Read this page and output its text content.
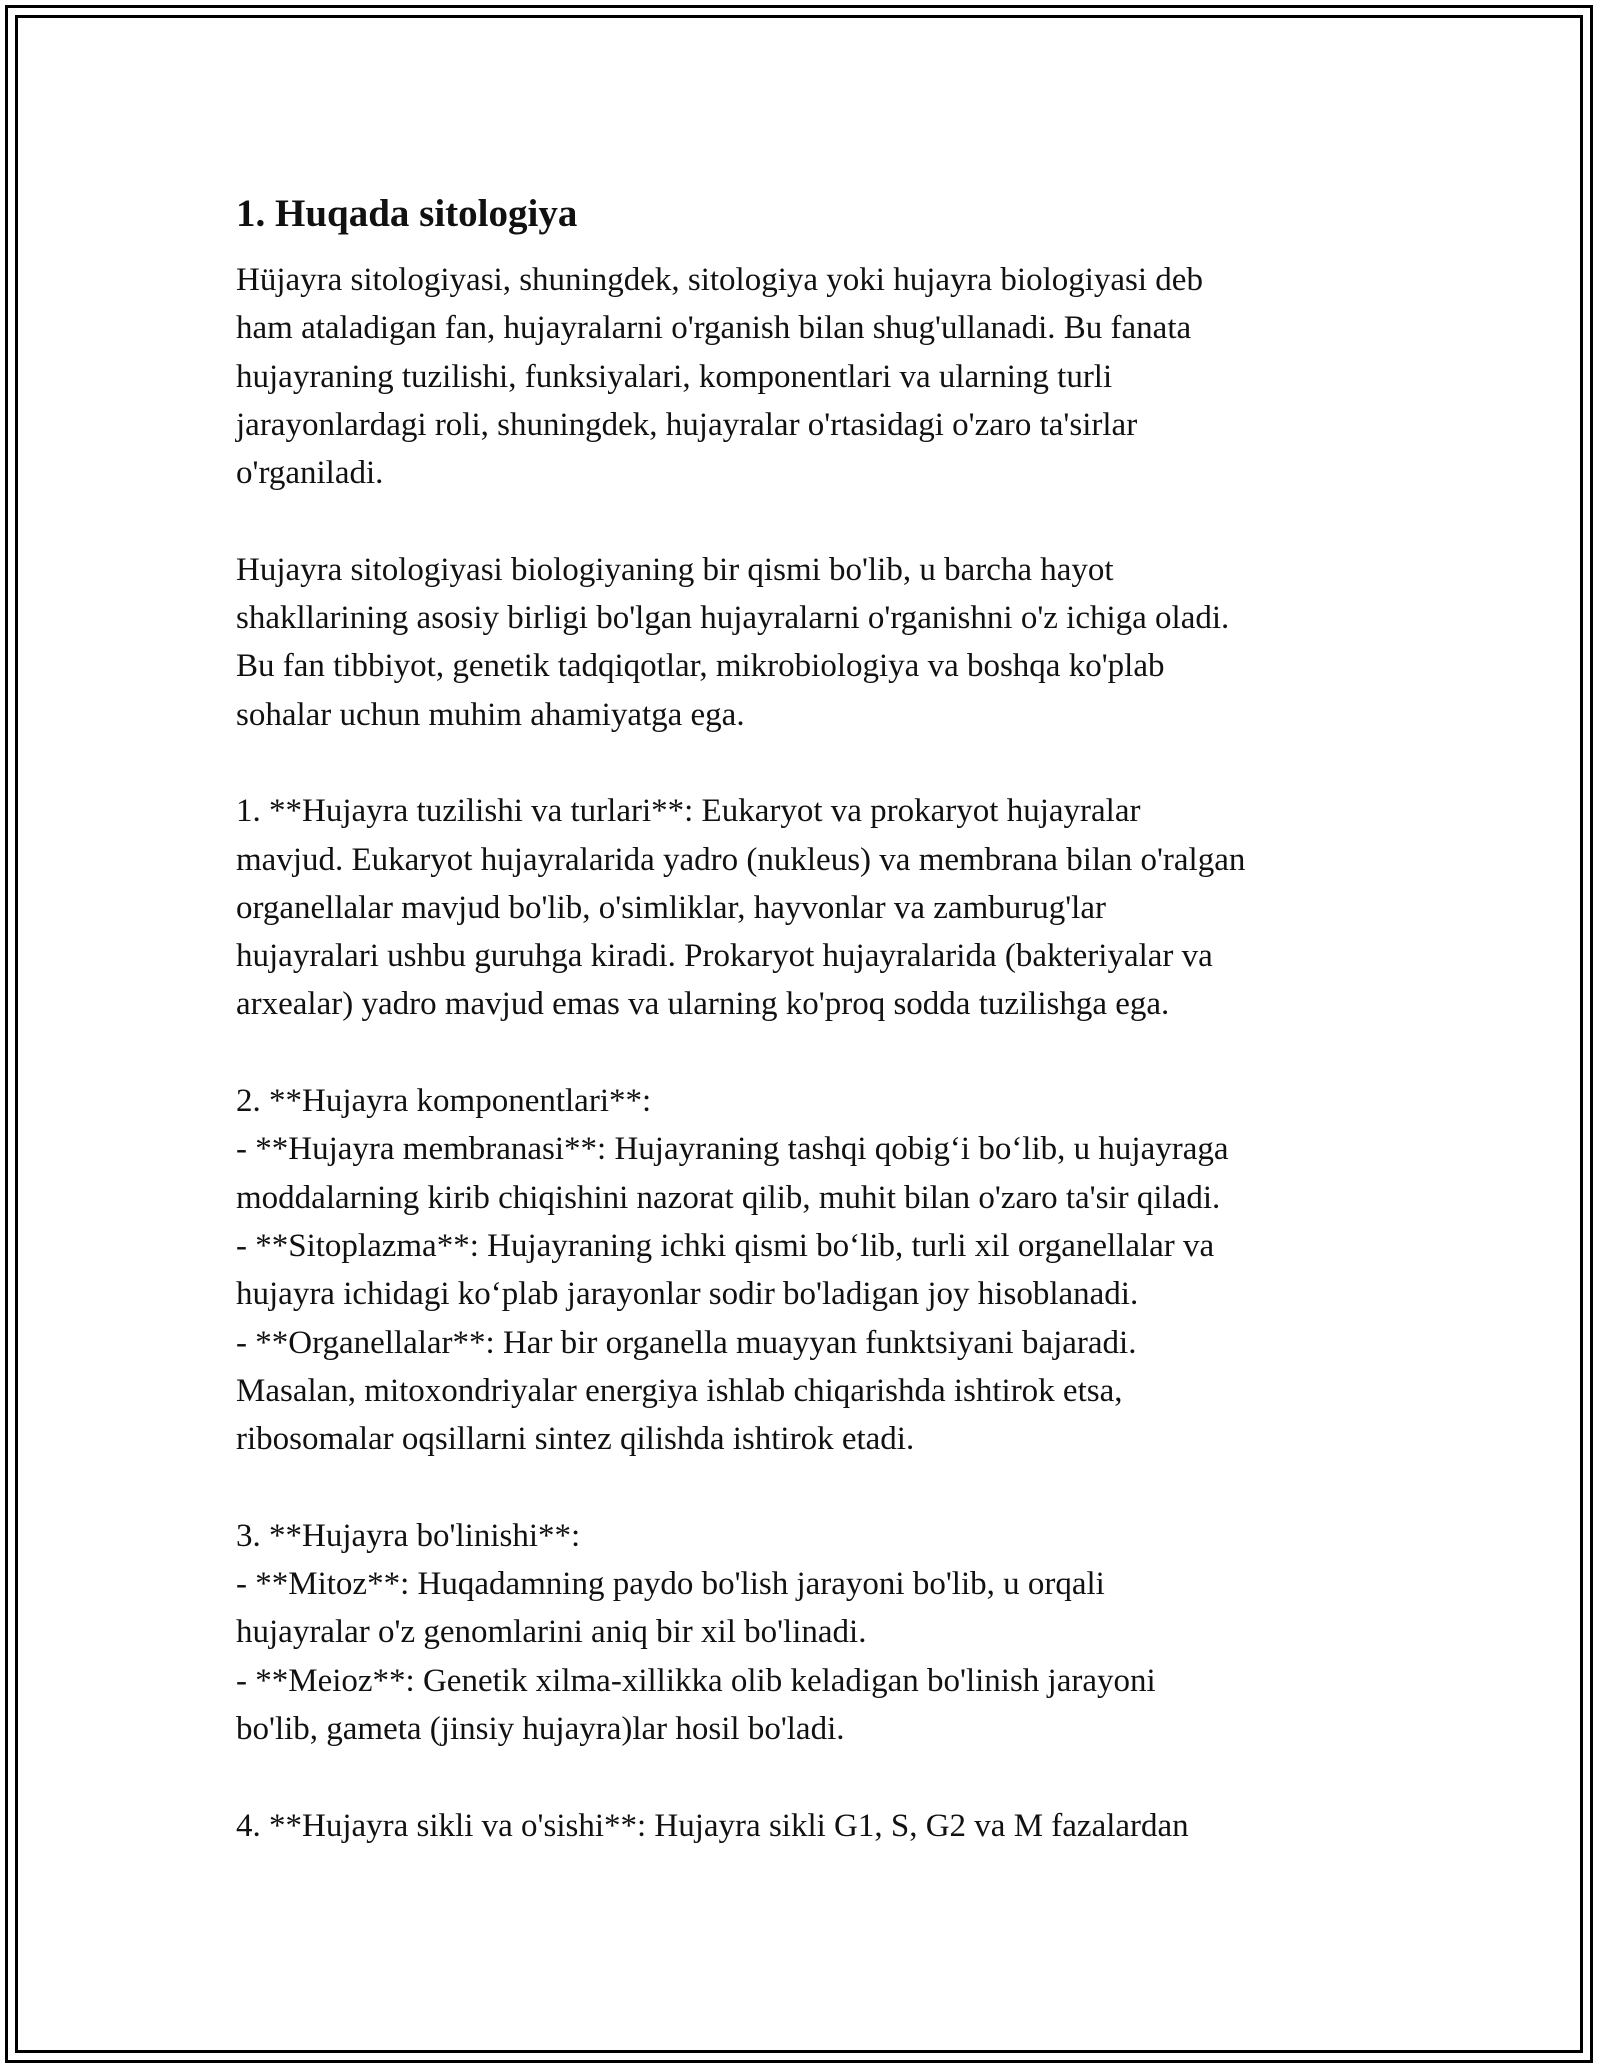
1. Huqada sitologiya

Hüjayra sitologiyasi, shuningdek, sitologiya yoki hujayra biologiyasi deb
ham ataladigan fan, hujayralarni o'rganish bilan shug'ullanadi. Bu fanata
hujayraning tuzilishi, funksiyalari, komponentlari va ularning turli
jarayonlardagi roli, shuningdek, hujayralar o'rtasidagi o'zaro ta'sirlar
o'rganiladi.

Hujayra sitologiyasi biologiyaning bir qismi bo'lib, u barcha hayot
shakllarining asosiy birligi bo'lgan hujayralarni o'rganishni o'z ichiga oladi.
Bu fan tibbiyot, genetik tadqiqotlar, mikrobiologiya va boshqa ko'plab
sohalar uchun muhim ahamiyatga ega.

1. **Hujayra tuzilishi va turlari**: Eukaryot va prokaryot hujayralar
mavjud. Eukaryot hujayralarida yadro (nukleus) va membrana bilan o'ralgan
organellalar mavjud bo'lib, o'simliklar, hayvonlar va zamburug'lar
hujayralari ushbu guruhga kiradi. Prokaryot hujayralarida (bakteriyalar va
arxealar) yadro mavjud emas va ularning ko'proq sodda tuzilishga ega.

2. **Hujayra komponentlari**:
- **Hujayra membranasi**: Hujayraning tashqi qobig‘i bo‘lib, u hujayraga
moddalarning kirib chiqishini nazorat qilib, muhit bilan o'zaro ta'sir qiladi.
- **Sitoplazma**: Hujayraning ichki qismi bo‘lib, turli xil organellalar va
hujayra ichidagi ko‘plab jarayonlar sodir bo'ladigan joy hisoblanadi.
- **Organellalar**: Har bir organella muayyan funktsiyani bajaradi.
Masalan, mitoxondriyalar energiya ishlab chiqarishda ishtirok etsa,
ribosomalar oqsillarni sintez qilishda ishtirok etadi.

3. **Hujayra bo'linishi**:
- **Mitoz**: Huqadamning paydo bo'lish jarayoni bo'lib, u orqali
hujayralar o'z genomlarini aniq bir xil bo'linadi.
- **Meioz**: Genetik xilma-xillikka olib keladigan bo'linish jarayoni
bo'lib, gameta (jinsiy hujayra)lar hosil bo'ladi.

4. **Hujayra sikli va o'sishi**: Hujayra sikli G1, S, G2 va M fazalardan
